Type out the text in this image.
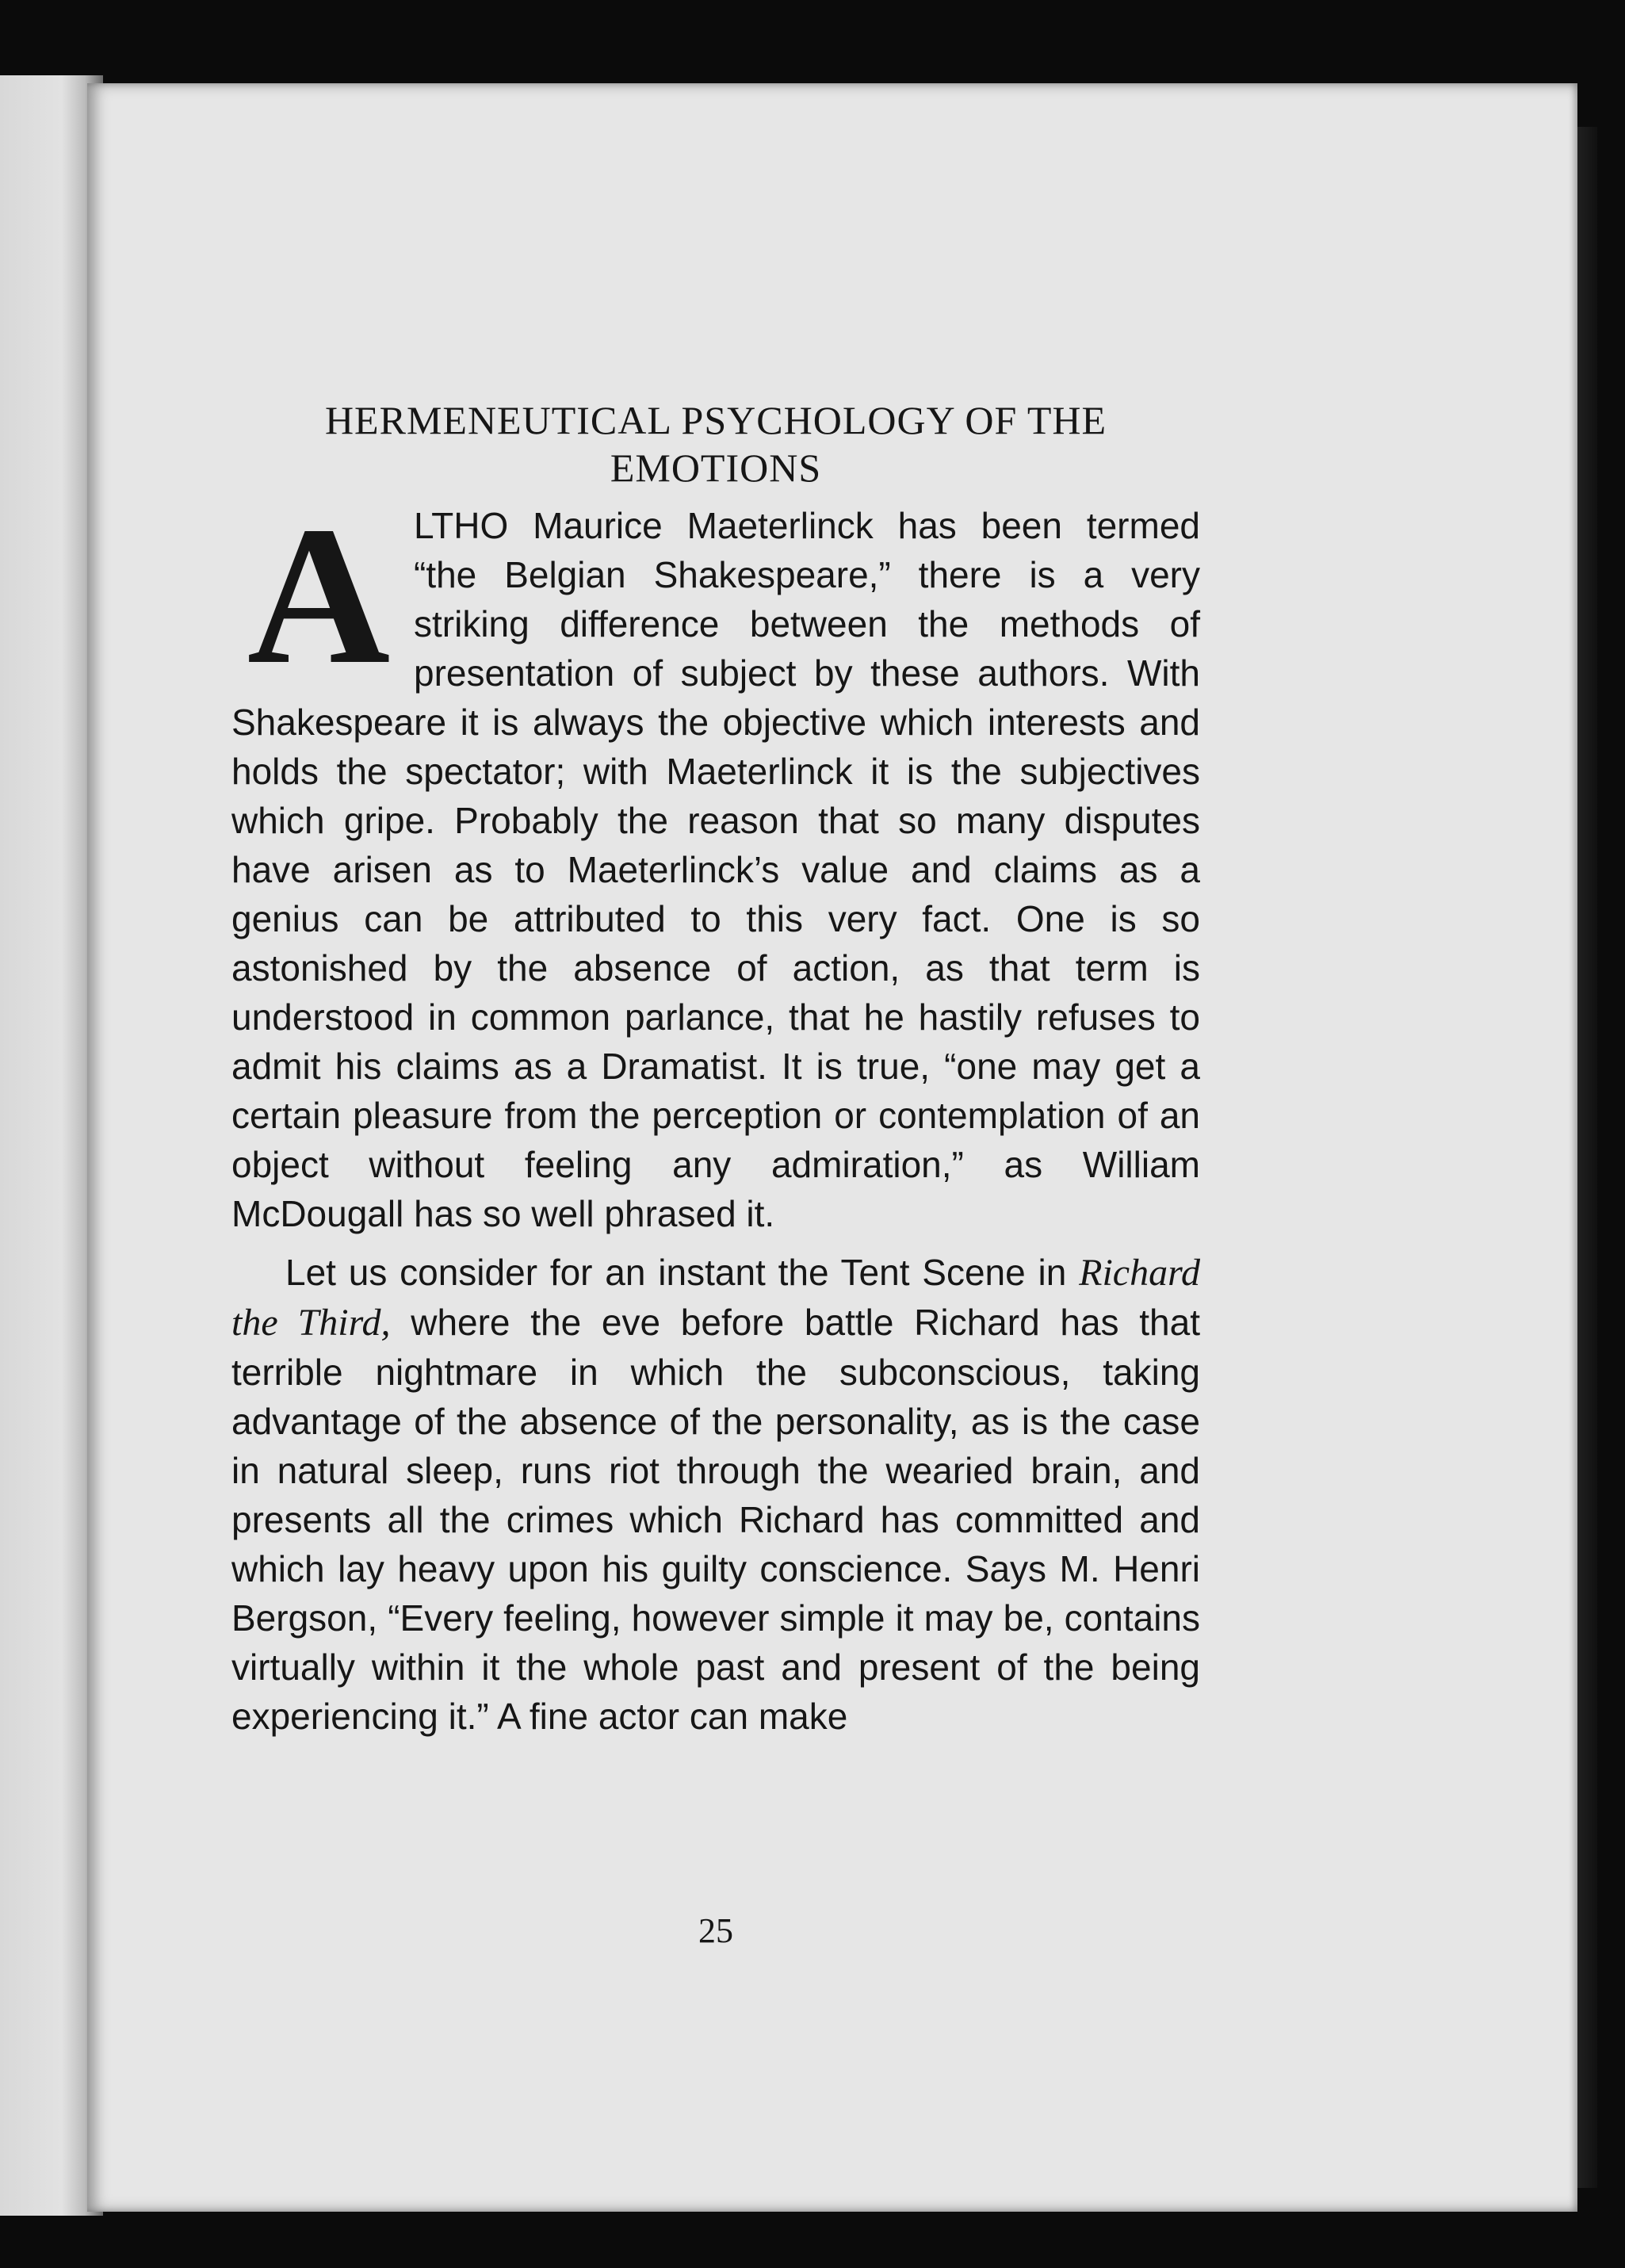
HERMENEUTICAL PSYCHOLOGY OF THE
EMOTIONS

A LTHO Maurice Maeterlinck has been termed “the Belgian Shakespeare,” there is a very striking difference between the methods of presentation of subject by these authors. With Shakespeare it is always the objective which interests and holds the spectator; with Maeterlinck it is the subjectives which gripe. Probably the reason that so many disputes have arisen as to Maeterlinck’s value and claims as a genius can be attributed to this very fact. One is so astonished by the absence of action, as that term is understood in common parlance, that he hastily refuses to admit his claims as a Dramatist. It is true, “one may get a certain pleasure from the perception or contemplation of an object without feeling any admiration,” as William McDougall has so well phrased it.

Let us consider for an instant the Tent Scene in Richard the Third, where the eve before battle Richard has that terrible nightmare in which the subconscious, taking advantage of the absence of the personality, as is the case in natural sleep, runs riot through the wearied brain, and presents all the crimes which Richard has committed and which lay heavy upon his guilty conscience. Says M. Henri Bergson, “Every feeling, however simple it may be, contains virtually within it the whole past and present of the being experiencing it.” A fine actor can make

25
